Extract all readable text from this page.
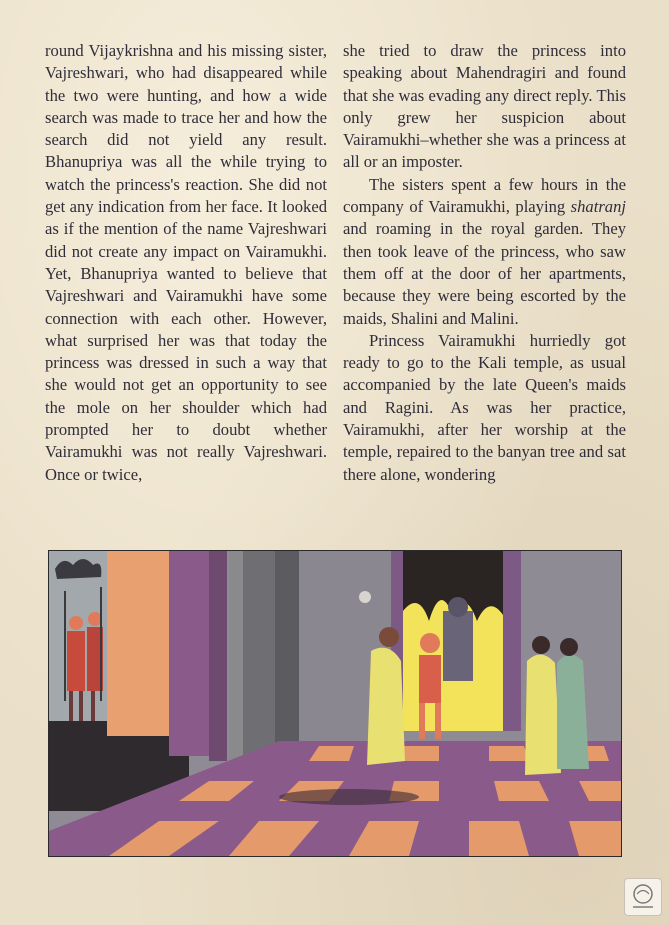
round Vijaykrishna and his missing sister, Vajreshwari, who had disappeared while the two were hunting, and how a wide search was made to trace her and how the search did not yield any result. Bhanupriya was all the while trying to watch the princess's reaction. She did not get any indication from her face. It looked as if the mention of the name Vajreshwari did not create any impact on Vairamukhi. Yet, Bhanupriya wanted to believe that Vajreshwari and Vairamukhi have some connection with each other. However, what surprised her was that today the princess was dressed in such a way that she would not get an opportunity to see the mole on her shoulder which had prompted her to doubt whether Vairamukhi was not really Vajreshwari. Once or twice,

she tried to draw the princess into speaking about Mahendragiri and found that she was evading any direct reply. This only grew her suspicion about Vairamukhi–whether she was a princess at all or an imposter.

The sisters spent a few hours in the company of Vairamukhi, playing shatranj and roaming in the royal garden. They then took leave of the princess, who saw them off at the door of her apartments, because they were being escorted by the maids, Shalini and Malini.

Princess Vairamukhi hurriedly got ready to go to the Kali temple, as usual accompanied by the late Queen's maids and Ragini. As was her practice, Vairamukhi, after her worship at the temple, repaired to the banyan tree and sat there alone, wondering
